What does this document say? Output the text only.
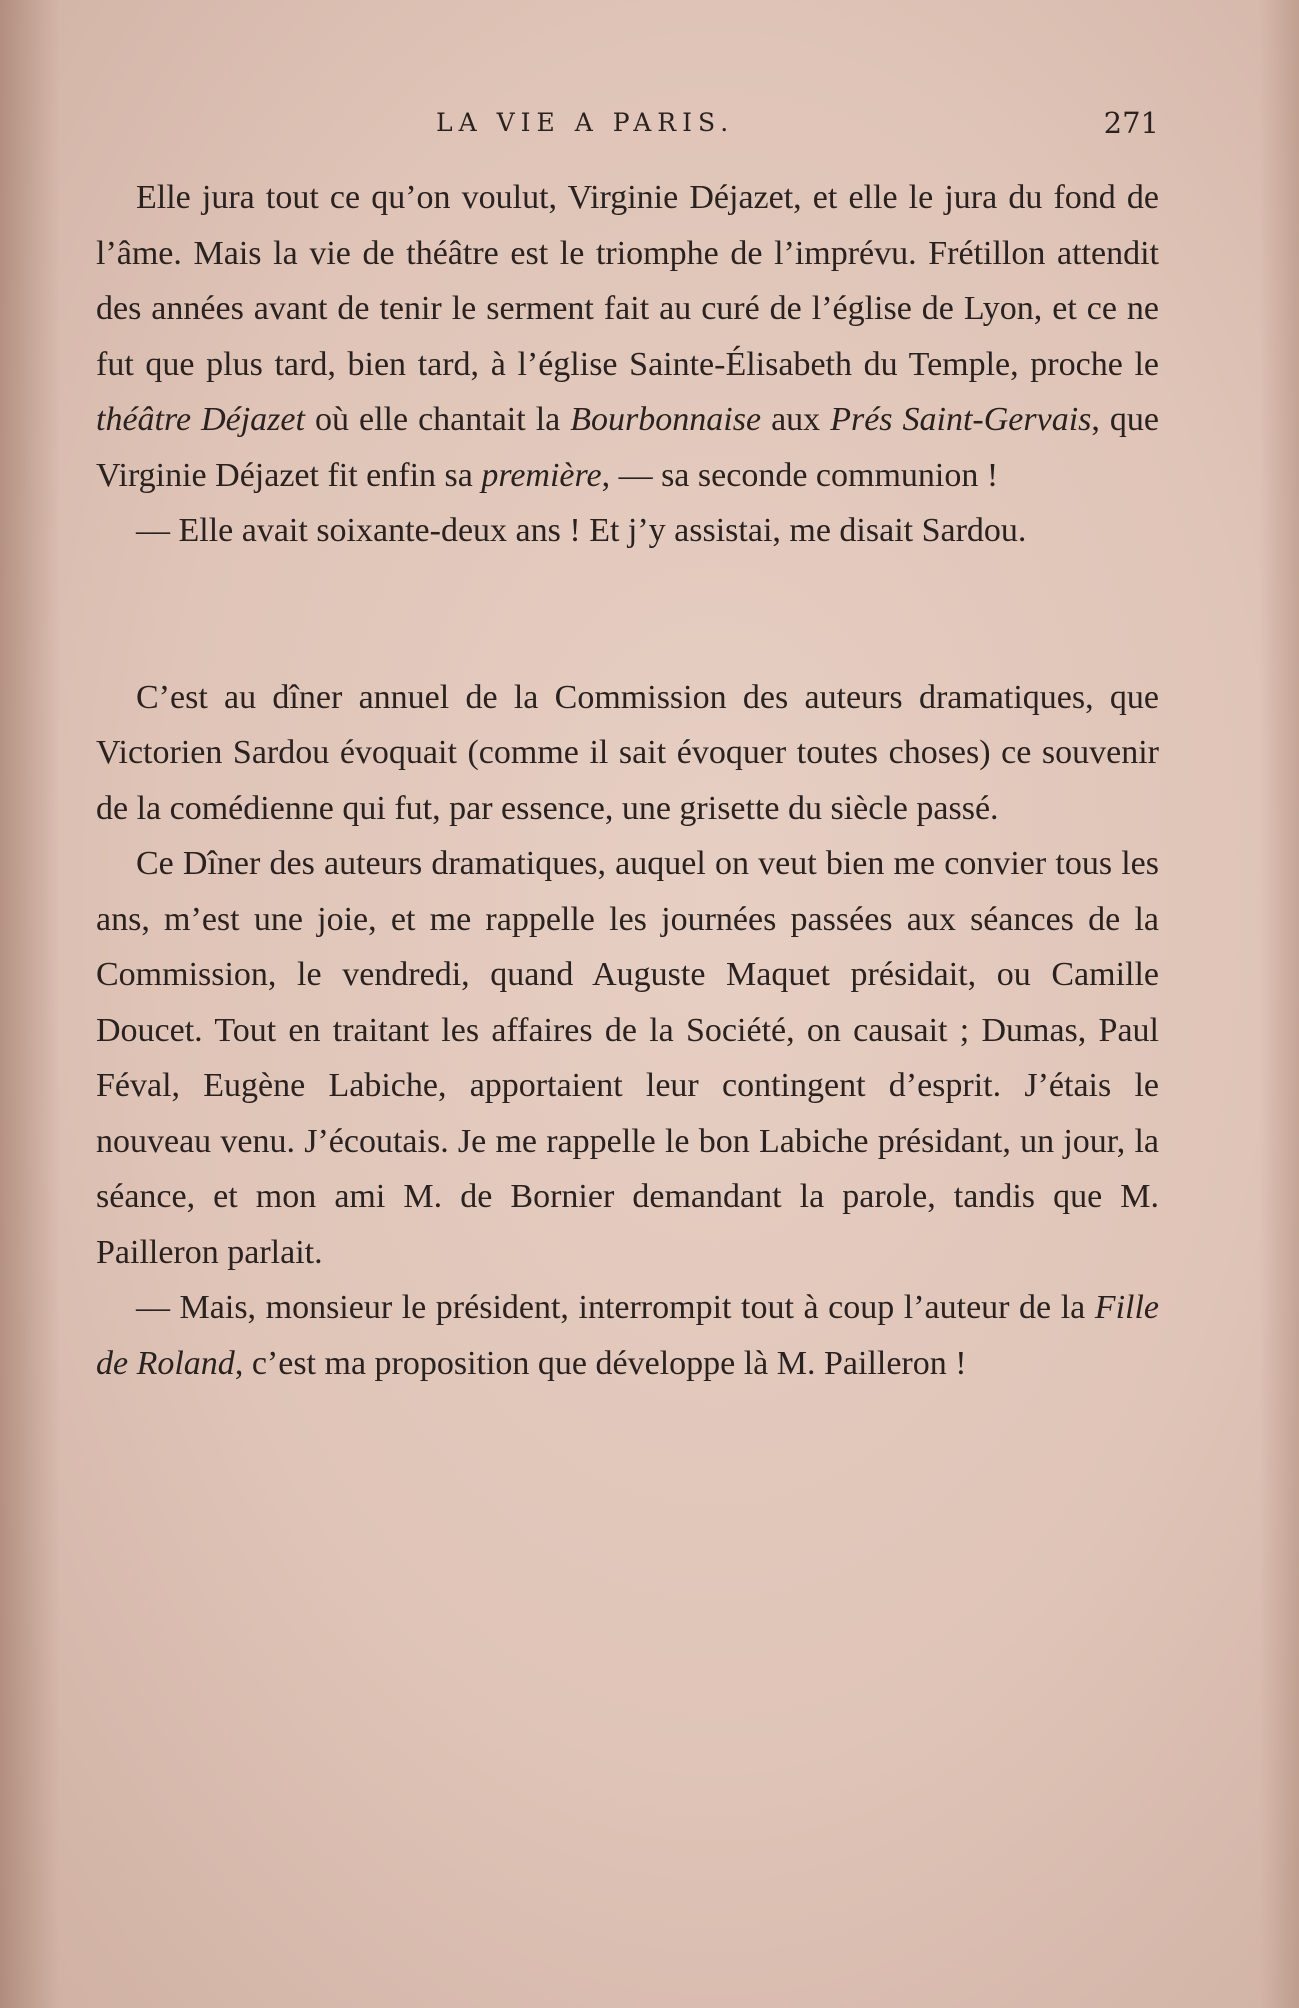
LA VIE A PARIS.	271

Elle jura tout ce qu’on voulut, Virginie Déjazet, et elle le jura du fond de l’âme. Mais la vie de théâtre est le triomphe de l’imprévu. Frétillon attendit des années avant de tenir le serment fait au curé de l’église de Lyon, et ce ne fut que plus tard, bien tard, à l’église Sainte-Élisabeth du Temple, proche le théâtre Déjazet où elle chantait la Bourbonnaise aux Prés Saint-Gervais, que Virginie Déjazet fit enfin sa première, — sa seconde communion !

— Elle avait soixante-deux ans ! Et j’y assistai, me disait Sardou.

C’est au dîner annuel de la Commission des auteurs dramatiques, que Victorien Sardou évoquait (comme il sait évoquer toutes choses) ce souvenir de la comédienne qui fut, par essence, une grisette du siècle passé.

Ce Dîner des auteurs dramatiques, auquel on veut bien me convier tous les ans, m’est une joie, et me rappelle les journées passées aux séances de la Commission, le vendredi, quand Auguste Maquet présidait, ou Camille Doucet. Tout en traitant les affaires de la Société, on causait ; Dumas, Paul Féval, Eugène Labiche, apportaient leur contingent d’esprit. J’étais le nouveau venu. J’écoutais. Je me rappelle le bon Labiche présidant, un jour, la séance, et mon ami M. de Bornier demandant la parole, tandis que M. Pailleron parlait.

— Mais, monsieur le président, interrompit tout à coup l’auteur de la Fille de Roland, c’est ma proposition que développe là M. Pailleron !
